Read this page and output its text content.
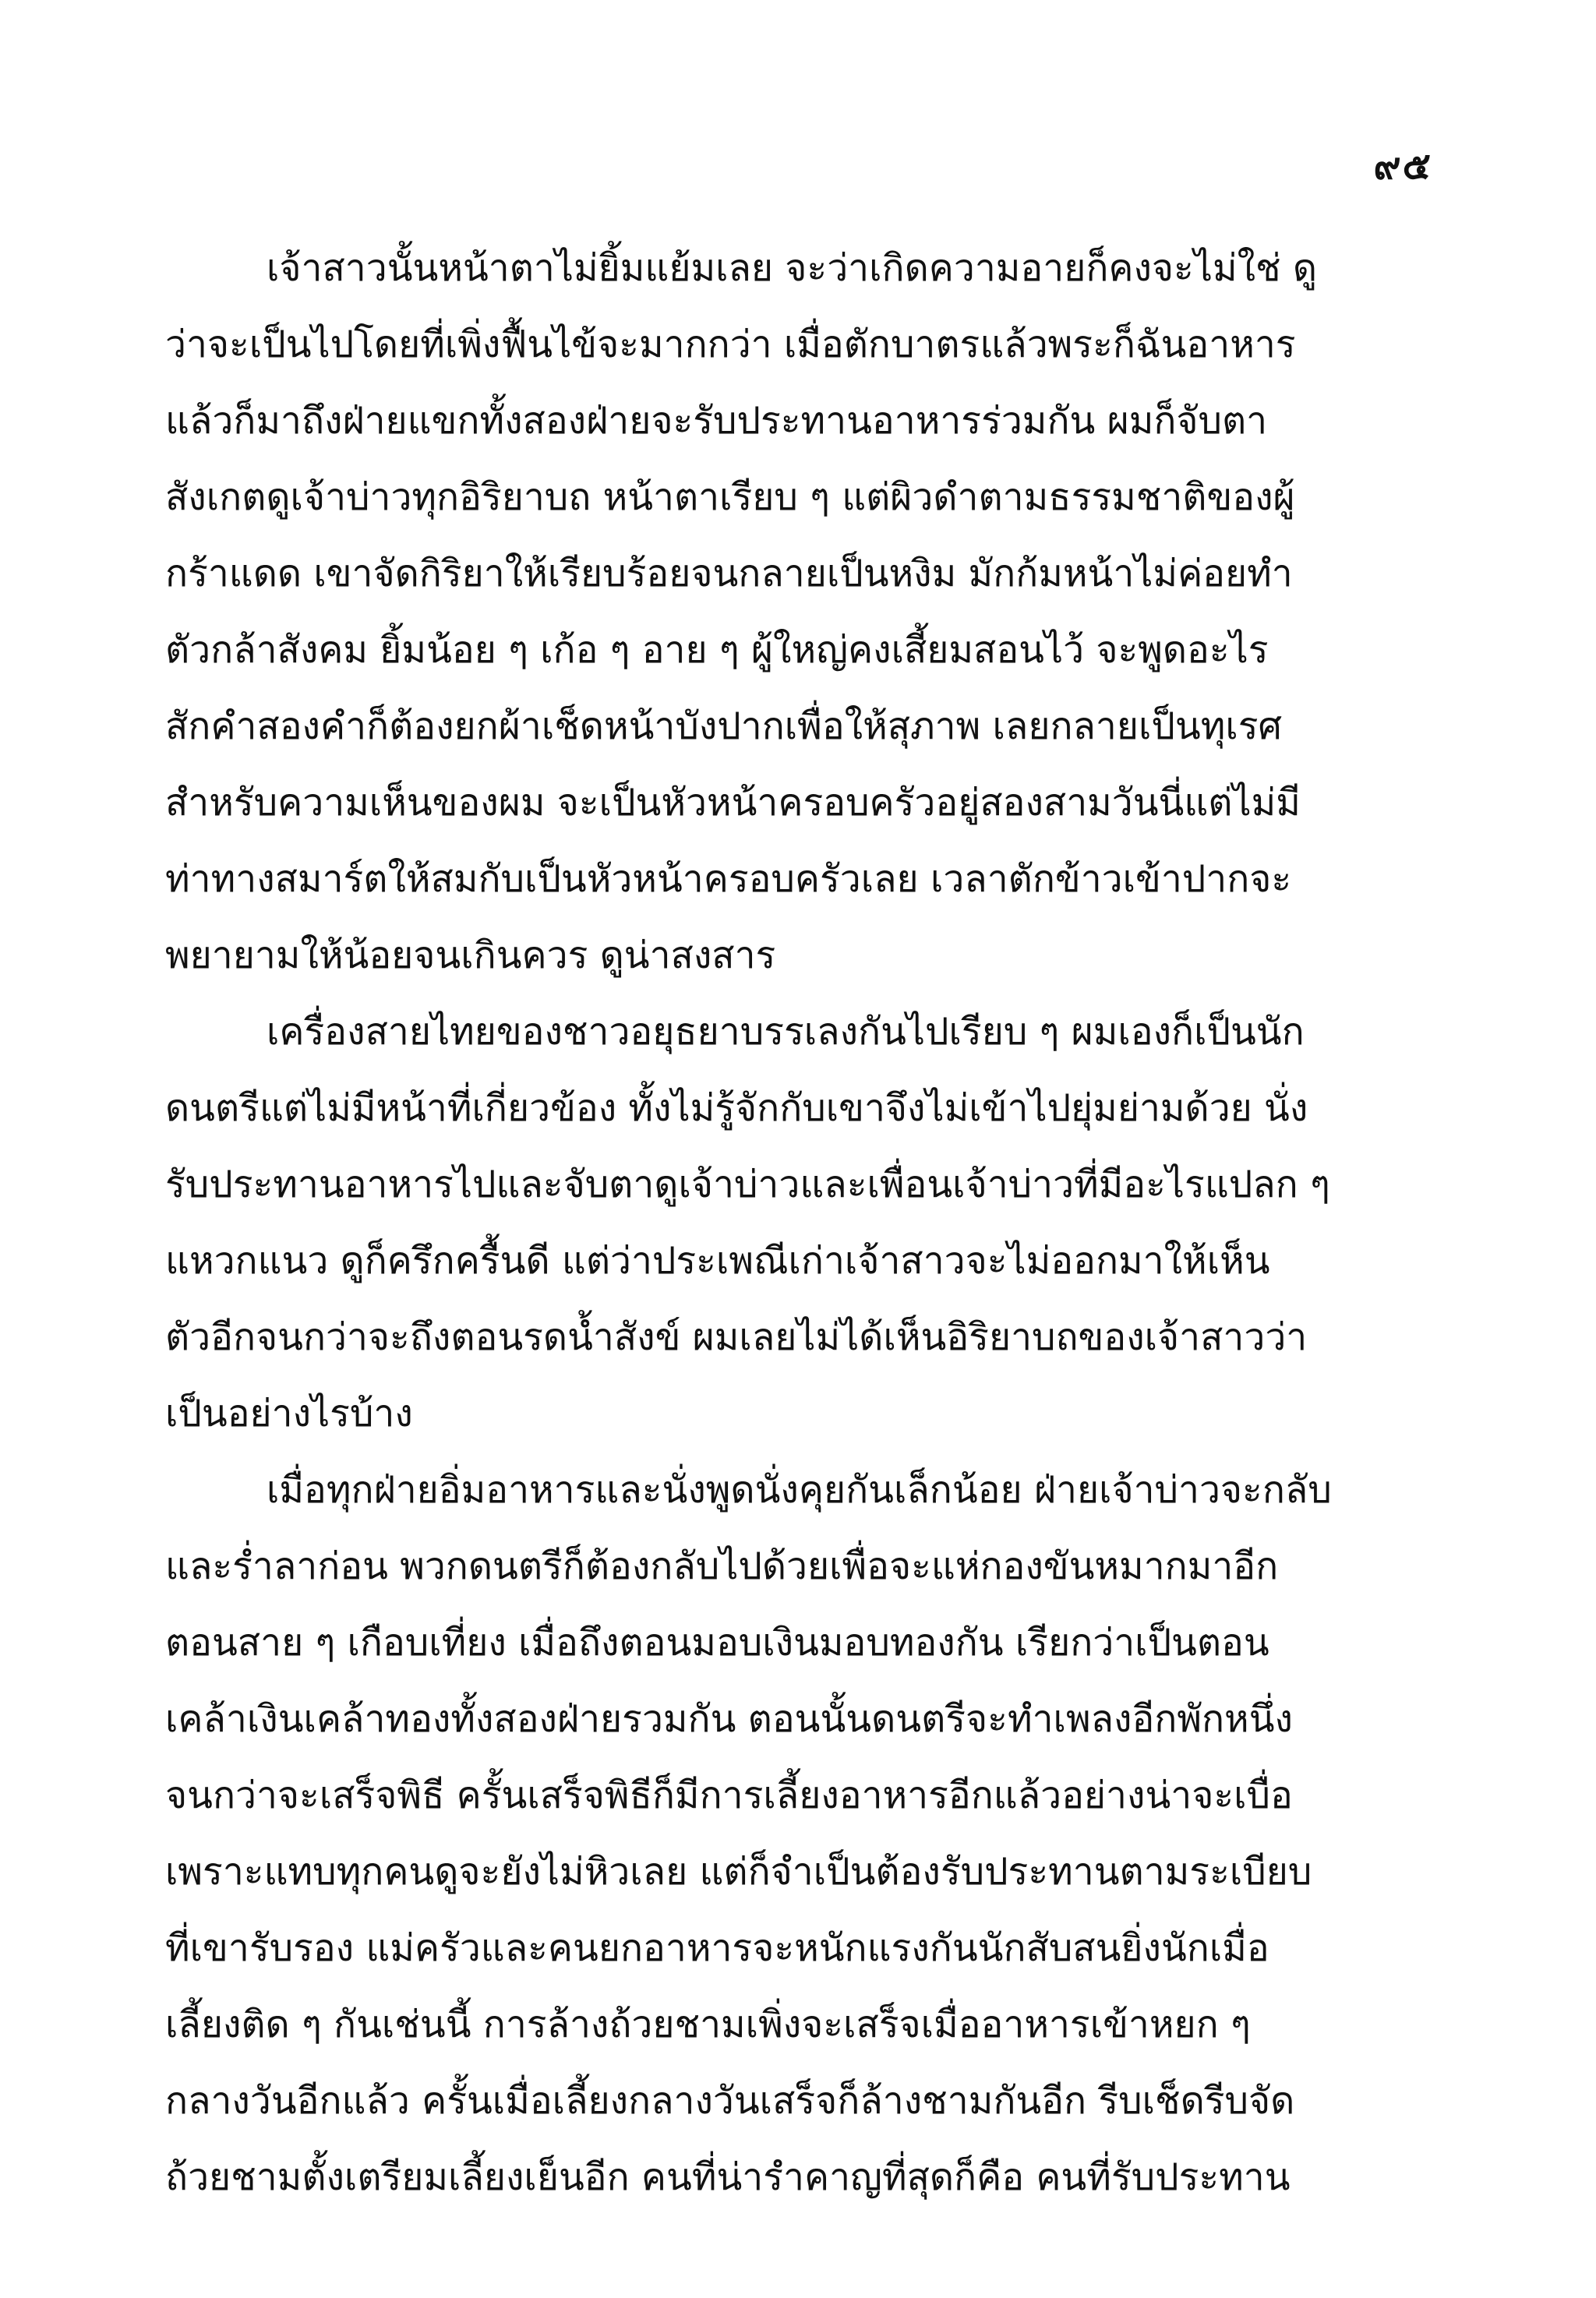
๙๕
เจ้าสาวนั้นหน้าตาไม่ยิ้มแย้มเลย จะว่าเกิดความอายก็คงจะไม่ใช่ ดู
ว่าจะเป็นไปโดยที่เพิ่งฟื้นไข้จะมากกว่า เมื่อตักบาตรแล้วพระก็ฉันอาหาร
แล้วก็มาถึงฝ่ายแขกทั้งสองฝ่ายจะรับประทานอาหารร่วมกัน ผมก็จับตา
สังเกตดูเจ้าบ่าวทุกอิริยาบถ หน้าตาเรียบ ๆ แต่ผิวดำตามธรรมชาติของผู้
กร้าแดด เขาจัดกิริยาให้เรียบร้อยจนกลายเป็นหงิม มักก้มหน้าไม่ค่อยทำ
ตัวกล้าสังคม ยิ้มน้อย ๆ เก้อ ๆ อาย ๆ ผู้ใหญ่คงเสี้ยมสอนไว้ จะพูดอะไร
สักคำสองคำก็ต้องยกผ้าเช็ดหน้าบังปากเพื่อให้สุภาพ เลยกลายเป็นทุเรศ
สำหรับความเห็นของผม จะเป็นหัวหน้าครอบครัวอยู่สองสามวันนี่แต่ไม่มี
ท่าทางสมาร์ตให้สมกับเป็นหัวหน้าครอบครัวเลย เวลาตักข้าวเข้าปากจะ
พยายามให้น้อยจนเกินควร ดูน่าสงสาร
เครื่องสายไทยของชาวอยุธยาบรรเลงกันไปเรียบ ๆ ผมเองก็เป็นนัก
ดนตรีแต่ไม่มีหน้าที่เกี่ยวข้อง ทั้งไม่รู้จักกับเขาจึงไม่เข้าไปยุ่มย่ามด้วย นั่ง
รับประทานอาหารไปและจับตาดูเจ้าบ่าวและเพื่อนเจ้าบ่าวที่มีอะไรแปลก ๆ
แหวกแนว ดูก็ครึกครื้นดี แต่ว่าประเพณีเก่าเจ้าสาวจะไม่ออกมาให้เห็น
ตัวอีกจนกว่าจะถึงตอนรดน้ำสังข์ ผมเลยไม่ได้เห็นอิริยาบถของเจ้าสาวว่า
เป็นอย่างไรบ้าง
เมื่อทุกฝ่ายอิ่มอาหารและนั่งพูดนั่งคุยกันเล็กน้อย ฝ่ายเจ้าบ่าวจะกลับ
และร่ำลาก่อน พวกดนตรีก็ต้องกลับไปด้วยเพื่อจะแห่กองขันหมากมาอีก
ตอนสาย ๆ เกือบเที่ยง เมื่อถึงตอนมอบเงินมอบทองกัน เรียกว่าเป็นตอน
เคล้าเงินเคล้าทองทั้งสองฝ่ายรวมกัน ตอนนั้นดนตรีจะทำเพลงอีกพักหนึ่ง
จนกว่าจะเสร็จพิธี ครั้นเสร็จพิธีก็มีการเลี้ยงอาหารอีกแล้วอย่างน่าจะเบื่อ
เพราะแทบทุกคนดูจะยังไม่หิวเลย แต่ก็จำเป็นต้องรับประทานตามระเบียบ
ที่เขารับรอง แม่ครัวและคนยกอาหารจะหนักแรงกันนักสับสนยิ่งนักเมื่อ
เลี้ยงติด ๆ กันเช่นนี้ การล้างถ้วยชามเพิ่งจะเสร็จเมื่ออาหารเข้าหยก ๆ
กลางวันอีกแล้ว ครั้นเมื่อเลี้ยงกลางวันเสร็จก็ล้างชามกันอีก รีบเช็ดรีบจัด
ถ้วยชามตั้งเตรียมเลี้ยงเย็นอีก คนที่น่ารำคาญที่สุดก็คือ คนที่รับประทาน
